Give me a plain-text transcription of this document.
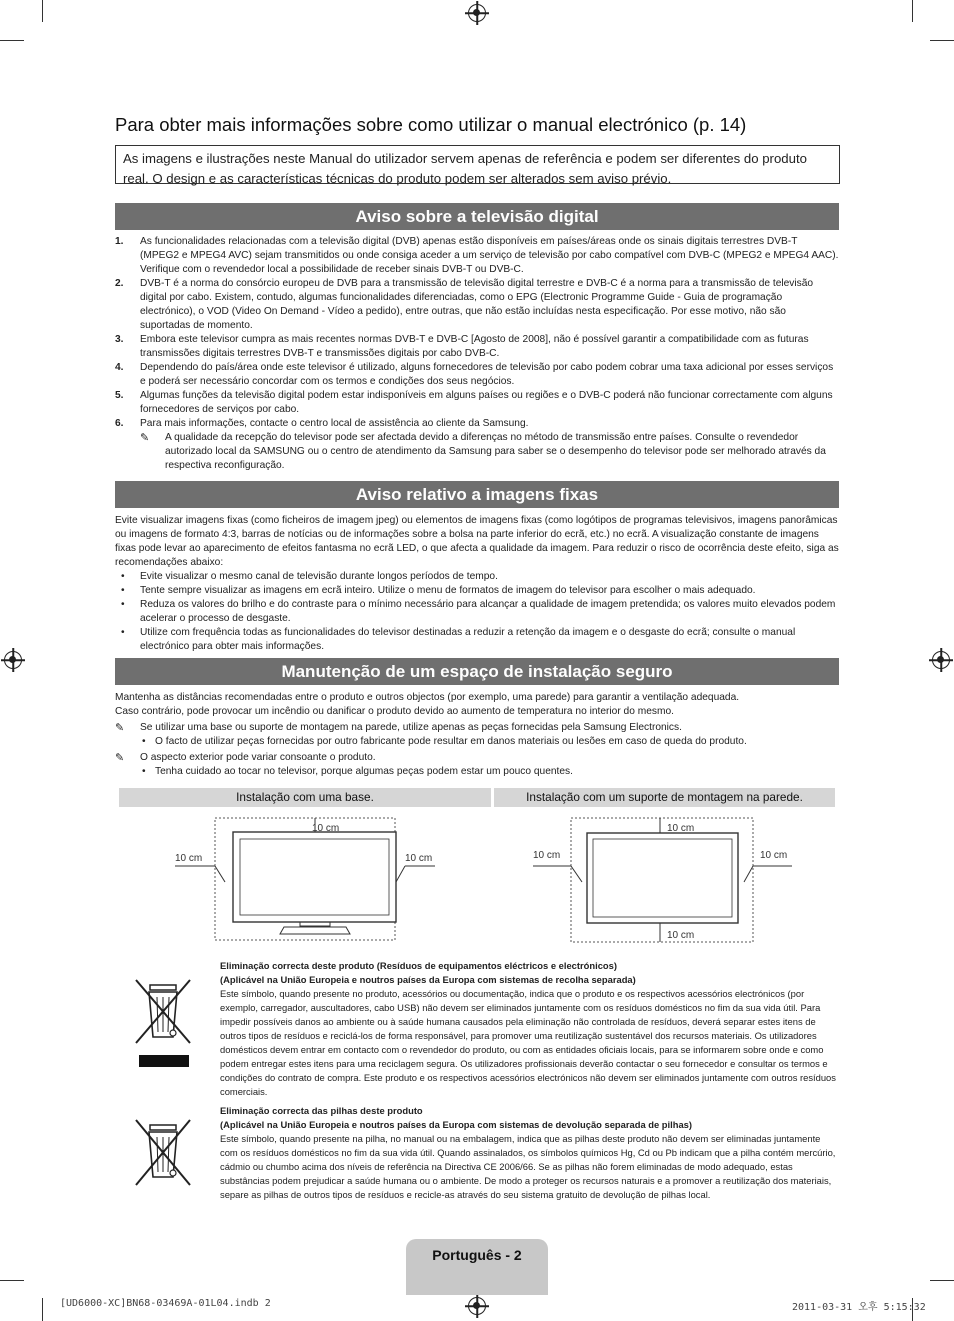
Para obter mais informações sobre como utilizar o manual electrónico (p. 14)
As imagens e ilustrações neste Manual do utilizador servem apenas de referência e podem ser diferentes do produto real. O design e as características técnicas do produto podem ser alterados sem aviso prévio.
Aviso sobre a televisão digital
1. As funcionalidades relacionadas com a televisão digital (DVB) apenas estão disponíveis em países/áreas onde os sinais digitais terrestres DVB-T (MPEG2 e MPEG4 AVC) sejam transmitidos ou onde consiga aceder a um serviço de televisão por cabo compatível com DVB-C (MPEG2 e MPEG4 AAC). Verifique com o revendedor local a possibilidade de receber sinais DVB-T ou DVB-C.
2. DVB-T é a norma do consórcio europeu de DVB para a transmissão de televisão digital terrestre e DVB-C é a norma para a transmissão de televisão digital por cabo. Existem, contudo, algumas funcionalidades diferenciadas, como o EPG (Electronic Programme Guide - Guia de programação electrónico), o VOD (Video On Demand - Vídeo a pedido), entre outras, que não estão incluídas nesta especificação. Por esse motivo, não são suportadas de momento.
3. Embora este televisor cumpra as mais recentes normas DVB-T e DVB-C [Agosto de 2008], não é possível garantir a compatibilidade com as futuras transmissões digitais terrestres DVB-T e transmissões digitais por cabo DVB-C.
4. Dependendo do país/área onde este televisor é utilizado, alguns fornecedores de televisão por cabo podem cobrar uma taxa adicional por esses serviços e poderá ser necessário concordar com os termos e condições dos seus negócios.
5. Algumas funções da televisão digital podem estar indisponíveis em alguns países ou regiões e o DVB-C poderá não funcionar correctamente com alguns fornecedores de serviços por cabo.
6. Para mais informações, contacte o centro local de assistência ao cliente da Samsung.
✎ A qualidade da recepção do televisor pode ser afectada devido a diferenças no método de transmissão entre países. Consulte o revendedor autorizado local da SAMSUNG ou o centro de atendimento da Samsung para saber se o desempenho do televisor pode ser melhorado através da respectiva reconfiguração.
Aviso relativo a imagens fixas
Evite visualizar imagens fixas (como ficheiros de imagem jpeg) ou elementos de imagens fixas (como logótipos de programas televisivos, imagens panorâmicas ou imagens de formato 4:3, barras de notícias ou de informações sobre a bolsa na parte inferior do ecrã, etc.) no ecrã. A visualização constante de imagens fixas pode levar ao aparecimento de efeitos fantasma no ecrã LED, o que afecta a qualidade da imagem. Para reduzir o risco de ocorrência deste efeito, siga as recomendações abaixo:
• Evite visualizar o mesmo canal de televisão durante longos períodos de tempo.
• Tente sempre visualizar as imagens em ecrã inteiro. Utilize o menu de formatos de imagem do televisor para escolher o mais adequado.
• Reduza os valores do brilho e do contraste para o mínimo necessário para alcançar a qualidade de imagem pretendida; os valores muito elevados podem acelerar o processo de desgaste.
• Utilize com frequência todas as funcionalidades do televisor destinadas a reduzir a retenção da imagem e o desgaste do ecrã; consulte o manual electrónico para obter mais informações.
Manutenção de um espaço de instalação seguro
Mantenha as distâncias recomendadas entre o produto e outros objectos (por exemplo, uma parede) para garantir a ventilação adequada.
Caso contrário, pode provocar um incêndio ou danificar o produto devido ao aumento de temperatura no interior do mesmo.
✎ Se utilizar uma base ou suporte de montagem na parede, utilize apenas as peças fornecidas pela Samsung Electronics.
• O facto de utilizar peças fornecidas por outro fabricante pode resultar em danos materiais ou lesões em caso de queda do produto.
✎ O aspecto exterior pode variar consoante o produto.
• Tenha cuidado ao tocar no televisor, porque algumas peças podem estar um pouco quentes.
Instalação com uma base.	Instalação com um suporte de montagem na parede.
10 cm
10 cm	10 cm
10 cm
10 cm
10 cm	10 cm
Eliminação correcta deste produto (Resíduos de equipamentos eléctricos e electrónicos)
(Aplicável na União Europeia e noutros países da Europa com sistemas de recolha separada)
Este símbolo, quando presente no produto, acessórios ou documentação, indica que o produto e os respectivos acessórios electrónicos (por exemplo, carregador, auscultadores, cabo USB) não devem ser eliminados juntamente com os resíduos domésticos no fim da sua vida útil. Para impedir possíveis danos ao ambiente ou à saúde humana causados pela eliminação não controlada de resíduos, deverá separar estes itens de outros tipos de resíduos e reciclá-los de forma responsável, para promover uma reutilização sustentável dos recursos materiais. Os utilizadores domésticos devem entrar em contacto com o revendedor do produto, ou com as entidades oficiais locais, para se informarem sobre onde e como podem entregar estes itens para uma reciclagem segura. Os utilizadores profissionais deverão contactar o seu fornecedor e consultar os termos e condições do contrato de compra. Este produto e os respectivos acessórios electrónicos não devem ser eliminados juntamente com outros resíduos comerciais.
Eliminação correcta das pilhas deste produto
(Aplicável na União Europeia e noutros países da Europa com sistemas de devolução separada de pilhas)
Este símbolo, quando presente na pilha, no manual ou na embalagem, indica que as pilhas deste produto não devem ser eliminadas juntamente com os resíduos domésticos no fim da sua vida útil. Quando assinalados, os símbolos químicos Hg, Cd ou Pb indicam que a pilha contém mercúrio, cádmio ou chumbo acima dos níveis de referência na Directiva CE 2006/66. Se as pilhas não forem eliminadas de modo adequado, estas substâncias podem prejudicar a saúde humana ou o ambiente. De modo a proteger os recursos naturais e a promover a reutilização dos materiais, separe as pilhas de outros tipos de resíduos e recicle-as através do seu sistema gratuito de devolução de pilhas local.
Português - 2
[UD6000-XC]BN68-03469A-01L04.indb 2	2011-03-31 오후 5:15:32
